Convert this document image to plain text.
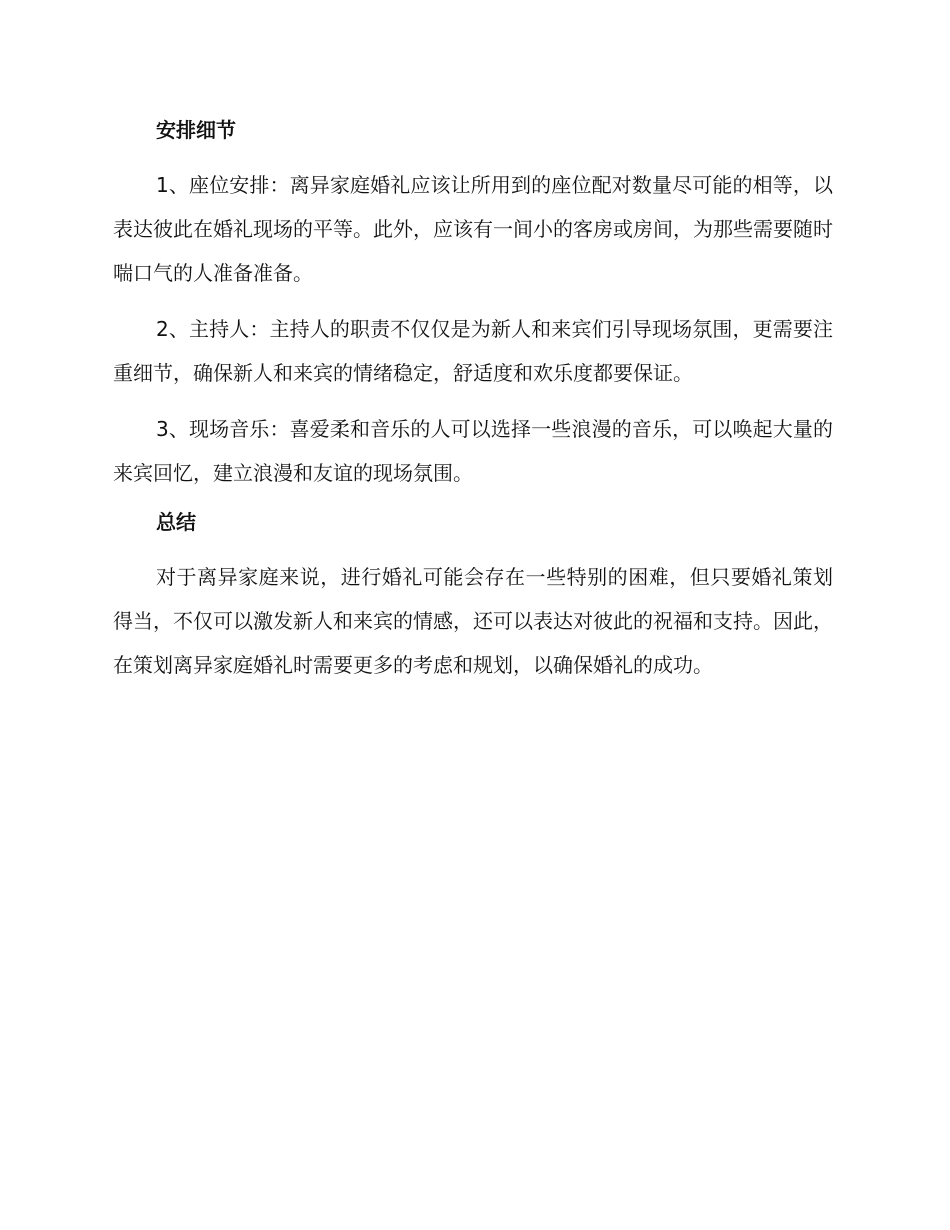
安排细节

1、座位安排：离异家庭婚礼应该让所用到的座位配对数量尽可能的相等，以表达彼此在婚礼现场的平等。此外，应该有一间小的客房或房间，为那些需要随时喘口气的人准备准备。

2、主持人：主持人的职责不仅仅是为新人和来宾们引导现场氛围，更需要注重细节，确保新人和来宾的情绪稳定，舒适度和欢乐度都要保证。

3、现场音乐：喜爱柔和音乐的人可以选择一些浪漫的音乐，可以唤起大量的来宾回忆，建立浪漫和友谊的现场氛围。

总结

对于离异家庭来说，进行婚礼可能会存在一些特别的困难，但只要婚礼策划得当，不仅可以激发新人和来宾的情感，还可以表达对彼此的祝福和支持。因此，在策划离异家庭婚礼时需要更多的考虑和规划，以确保婚礼的成功。
